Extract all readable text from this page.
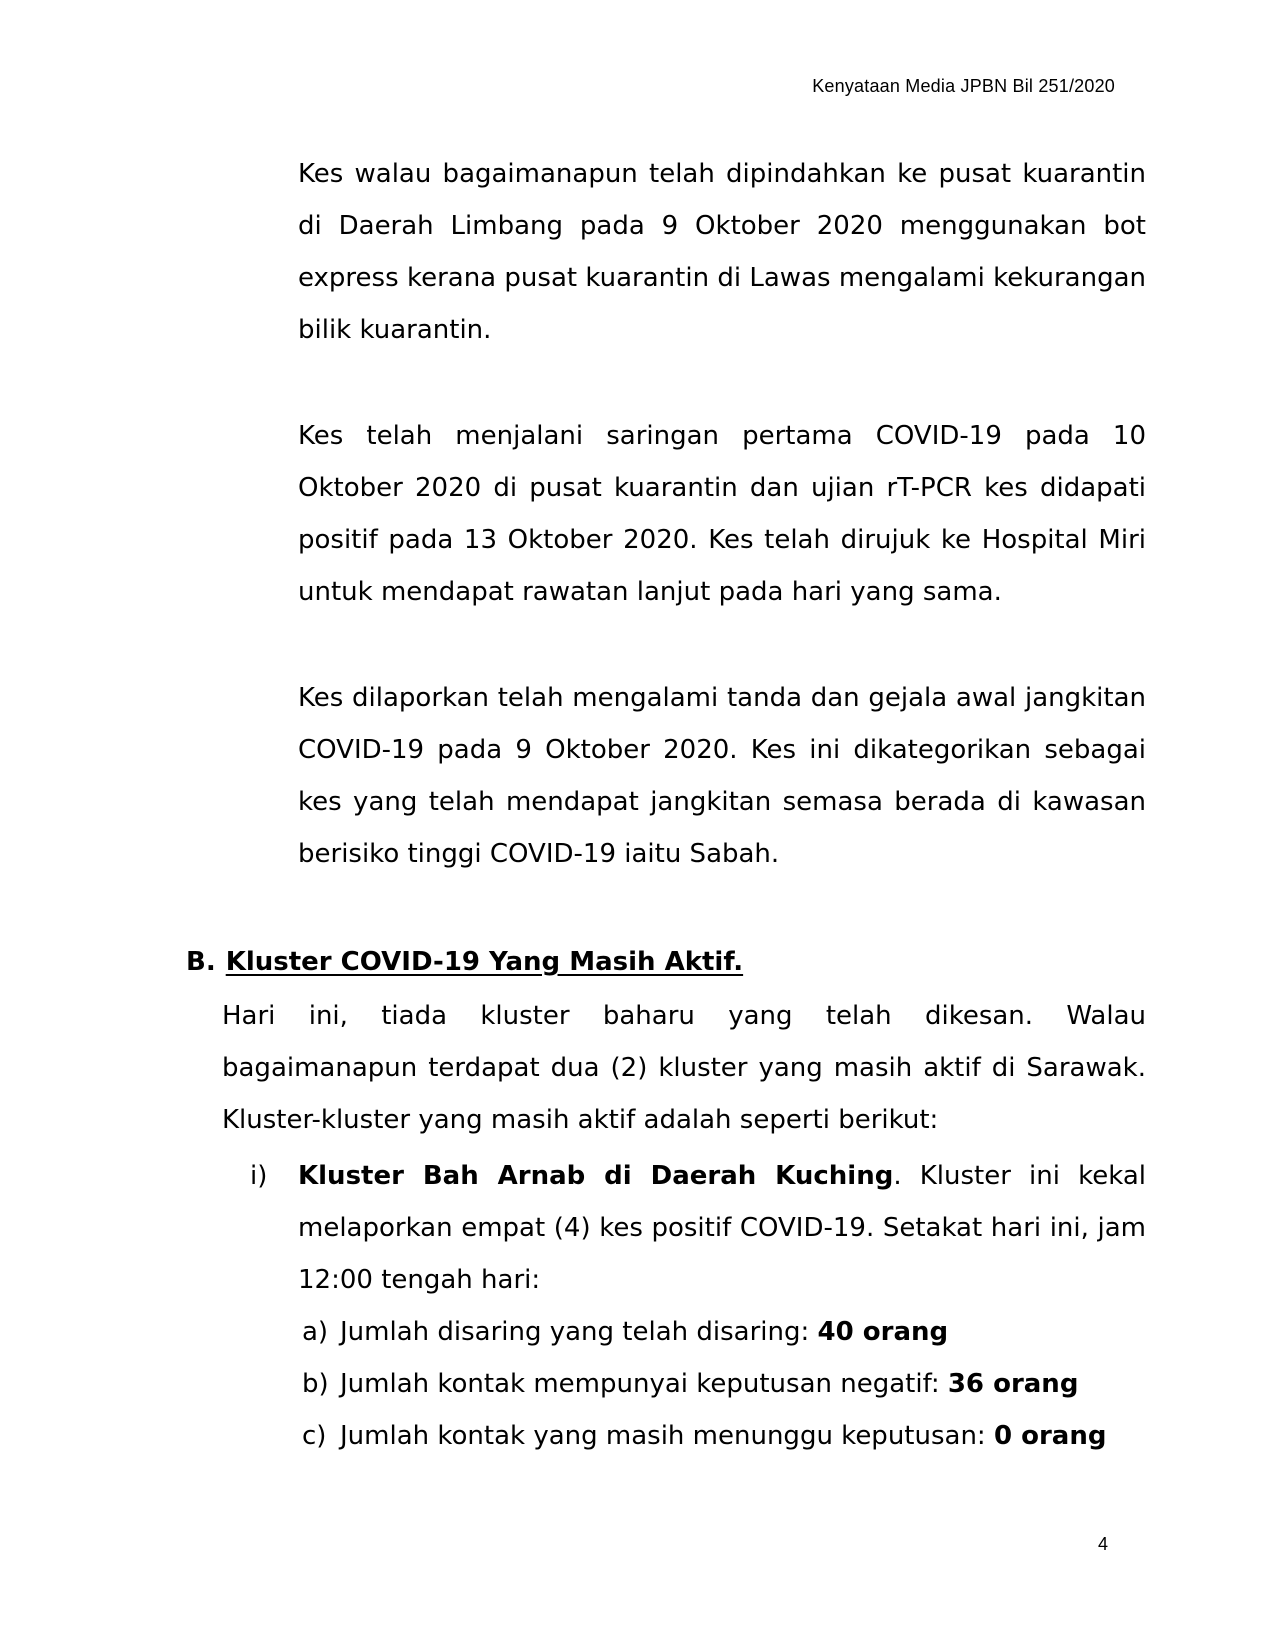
Kenyataan Media JPBN Bil 251/2020

Kes walau bagaimanapun telah dipindahkan ke pusat kuarantin di Daerah Limbang pada 9 Oktober 2020 menggunakan bot express kerana pusat kuarantin di Lawas mengalami kekurangan bilik kuarantin.

Kes telah menjalani saringan pertama COVID-19 pada 10 Oktober 2020 di pusat kuarantin dan ujian rT-PCR kes didapati positif pada 13 Oktober 2020. Kes telah dirujuk ke Hospital Miri untuk mendapat rawatan lanjut pada hari yang sama.

Kes dilaporkan telah mengalami tanda dan gejala awal jangkitan COVID-19 pada 9 Oktober 2020. Kes ini dikategorikan sebagai kes yang telah mendapat jangkitan semasa berada di kawasan berisiko tinggi COVID-19 iaitu Sabah.

B. Kluster COVID-19 Yang Masih Aktif.

Hari ini, tiada kluster baharu yang telah dikesan. Walau bagaimanapun terdapat dua (2) kluster yang masih aktif di Sarawak. Kluster-kluster yang masih aktif adalah seperti berikut:

i) Kluster Bah Arnab di Daerah Kuching. Kluster ini kekal melaporkan empat (4) kes positif COVID-19. Setakat hari ini, jam 12:00 tengah hari:

a) Jumlah disaring yang telah disaring: 40 orang
b) Jumlah kontak mempunyai keputusan negatif: 36 orang
c) Jumlah kontak yang masih menunggu keputusan: 0 orang
4
